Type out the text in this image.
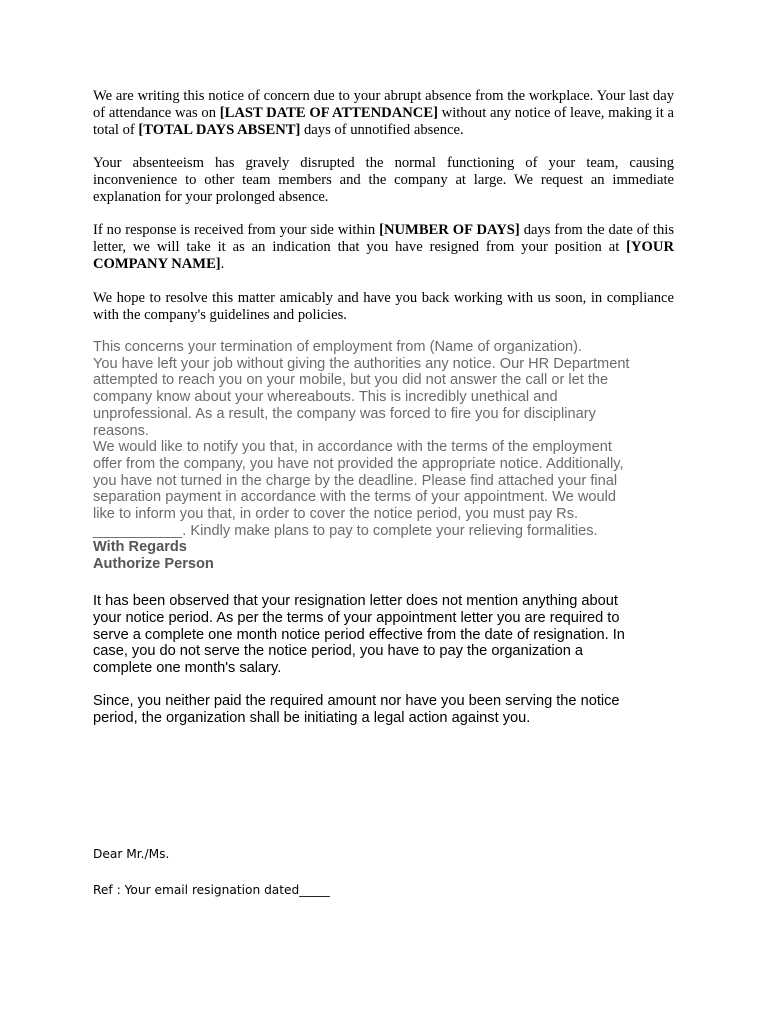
We are writing this notice of concern due to your abrupt absence from the workplace. Your last day of attendance was on [LAST DATE OF ATTENDANCE] without any notice of leave, making it a total of [TOTAL DAYS ABSENT] days of unnotified absence.

Your absenteeism has gravely disrupted the normal functioning of your team, causing inconvenience to other team members and the company at large. We request an immediate explanation for your prolonged absence.

If no response is received from your side within [NUMBER OF DAYS] days from the date of this letter, we will take it as an indication that you have resigned from your position at [YOUR COMPANY NAME].

We hope to resolve this matter amicably and have you back working with us soon, in compliance with the company's guidelines and policies.

This concerns your termination of employment from (Name of organization).
You have left your job without giving the authorities any notice. Our HR Department
attempted to reach you on your mobile, but you did not answer the call or let the
company know about your whereabouts. This is incredibly unethical and
unprofessional. As a result, the company was forced to fire you for disciplinary
reasons.
We would like to notify you that, in accordance with the terms of the employment
offer from the company, you have not provided the appropriate notice. Additionally,
you have not turned in the charge by the deadline. Please find attached your final
separation payment in accordance with the terms of your appointment. We would
like to inform you that, in order to cover the notice period, you must pay Rs.
___________. Kindly make plans to pay to complete your relieving formalities.
With Regards
Authorize Person
It has been observed that your resignation letter does not mention anything about
your notice period. As per the terms of your appointment letter you are required to
serve a complete one month notice period effective from the date of resignation. In
case, you do not serve the notice period, you have to pay the organization a
complete one month's salary.
Since, you neither paid the required amount nor have you been serving the notice
period, the organization shall be initiating a legal action against you.
Dear Mr./Ms.
Ref : Your email resignation dated_____
